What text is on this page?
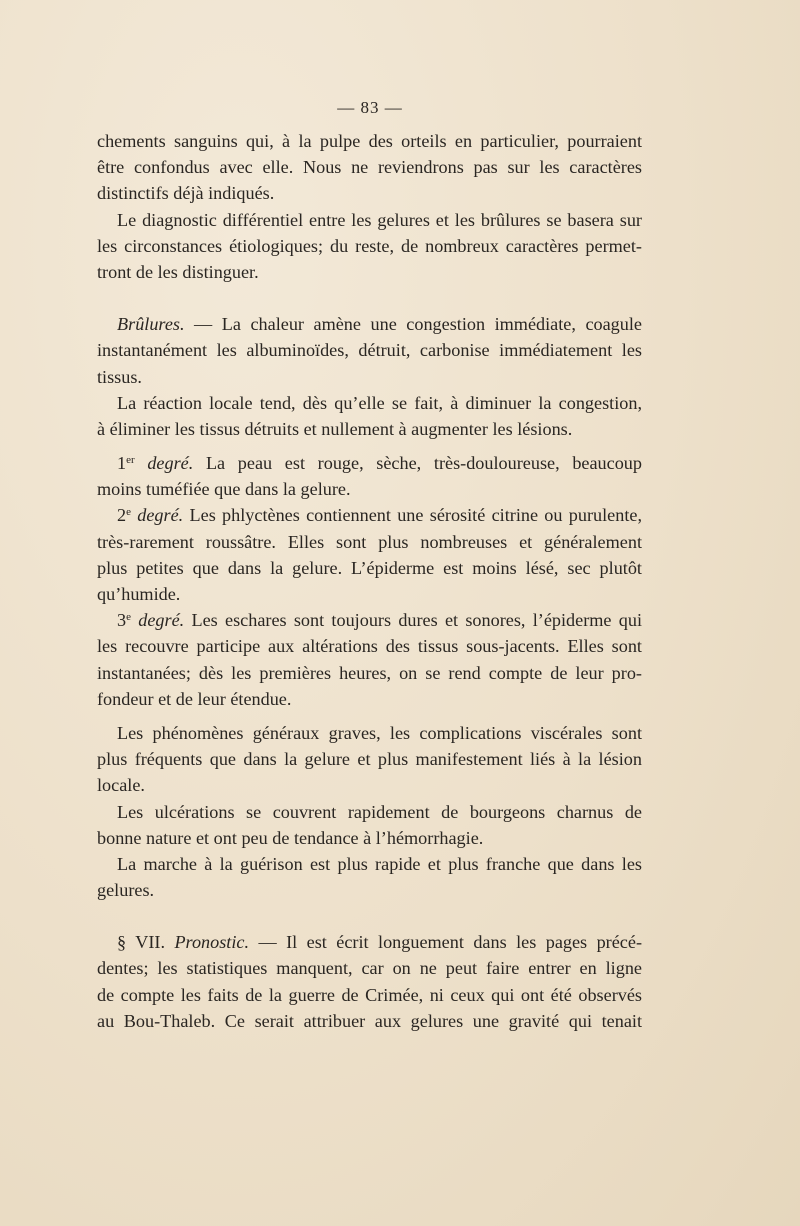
— 83 —
chements sanguins qui, à la pulpe des orteils en particulier, pourraient
être confondus avec elle. Nous ne reviendrons pas sur les caractères
distinctifs déjà indiqués.
Le diagnostic différentiel entre les gelures et les brûlures se basera sur
les circonstances étiologiques; du reste, de nombreux caractères permet-
tront de les distinguer.
Brûlures. — La chaleur amène une congestion immédiate, coagule
instantanément les albuminoïdes, détruit, carbonise immédiatement les
tissus.
La réaction locale tend, dès qu’elle se fait, à diminuer la congestion,
à éliminer les tissus détruits et nullement à augmenter les lésions.
1er degré. La peau est rouge, sèche, très-douloureuse, beaucoup
moins tuméfiée que dans la gelure.
2e degré. Les phlyctènes contiennent une sérosité citrine ou purulente,
très-rarement roussâtre. Elles sont plus nombreuses et généralement
plus petites que dans la gelure. L’épiderme est moins lésé, sec plutôt
qu’humide.
3e degré. Les eschares sont toujours dures et sonores, l’épiderme qui
les recouvre participe aux altérations des tissus sous-jacents. Elles sont
instantanées; dès les premières heures, on se rend compte de leur pro-
fondeur et de leur étendue.
Les phénomènes généraux graves, les complications viscérales sont
plus fréquents que dans la gelure et plus manifestement liés à la lésion
locale.
Les ulcérations se couvrent rapidement de bourgeons charnus de
bonne nature et ont peu de tendance à l’hémorrhagie.
La marche à la guérison est plus rapide et plus franche que dans les
gelures.
§ VII. Pronostic. — Il est écrit longuement dans les pages précé-
dentes; les statistiques manquent, car on ne peut faire entrer en ligne
de compte les faits de la guerre de Crimée, ni ceux qui ont été observés
au Bou-Thaleb. Ce serait attribuer aux gelures une gravité qui tenait
